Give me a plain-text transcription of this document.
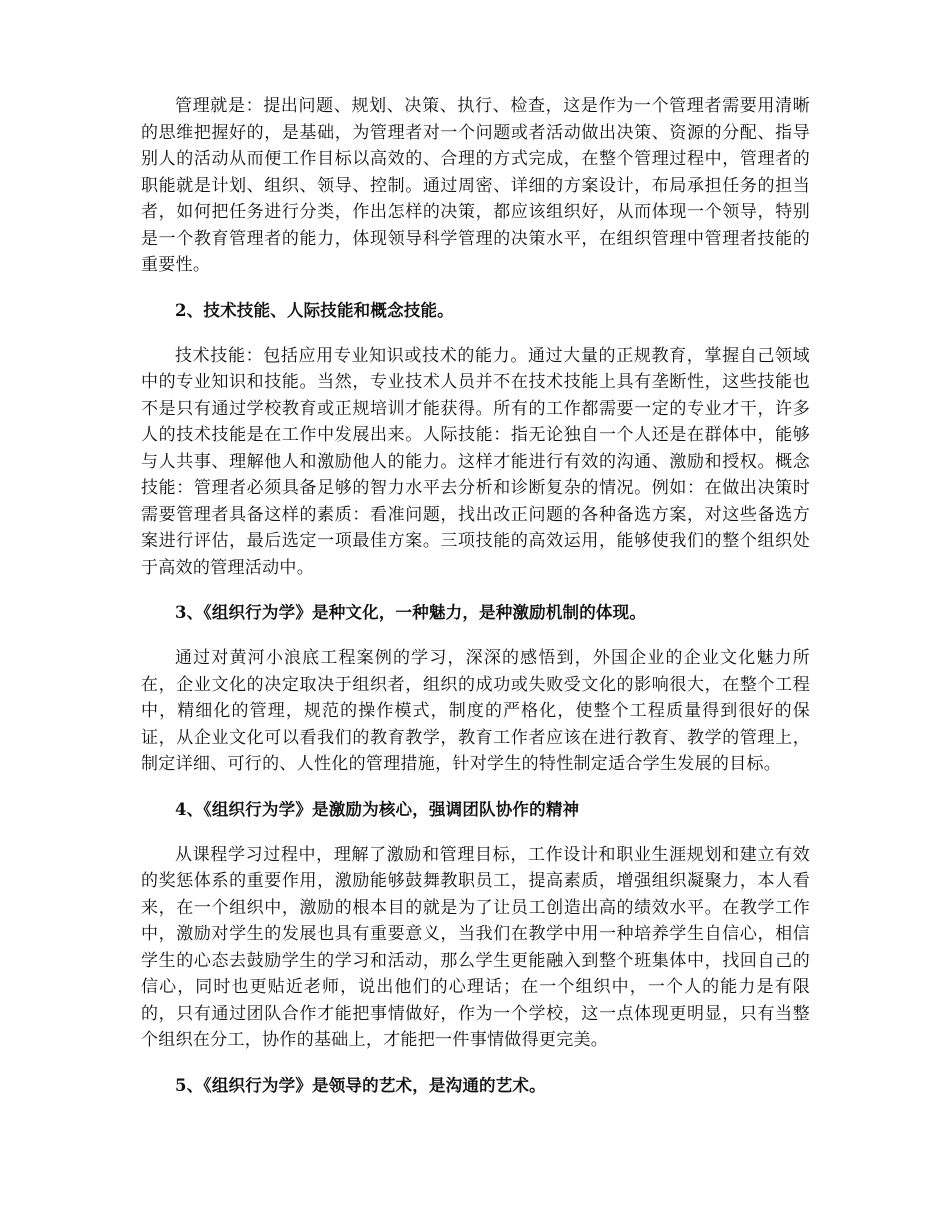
管理就是：提出问题、规划、决策、执行、检查，这是作为一个管理者需要用清晰的思维把握好的，是基础，为管理者对一个问题或者活动做出决策、资源的分配、指导别人的活动从而便工作目标以高效的、合理的方式完成，在整个管理过程中，管理者的职能就是计划、组织、领导、控制。通过周密、详细的方案设计，布局承担任务的担当者，如何把任务进行分类，作出怎样的决策，都应该组织好，从而体现一个领导，特别是一个教育管理者的能力，体现领导科学管理的决策水平，在组织管理中管理者技能的重要性。

2、技术技能、人际技能和概念技能。

技术技能：包括应用专业知识或技术的能力。通过大量的正规教育，掌握自己领域中的专业知识和技能。当然，专业技术人员并不在技术技能上具有垄断性，这些技能也不是只有通过学校教育或正规培训才能获得。所有的工作都需要一定的专业才干，许多人的技术技能是在工作中发展出来。人际技能：指无论独自一个人还是在群体中，能够与人共事、理解他人和激励他人的能力。这样才能进行有效的沟通、激励和授权。概念技能：管理者必须具备足够的智力水平去分析和诊断复杂的情况。例如：在做出决策时需要管理者具备这样的素质：看准问题，找出改正问题的各种备选方案，对这些备选方案进行评估，最后选定一项最佳方案。三项技能的高效运用，能够使我们的整个组织处于高效的管理活动中。

3、《组织行为学》是种文化，一种魅力，是种激励机制的体现。

通过对黄河小浪底工程案例的学习，深深的感悟到，外国企业的企业文化魅力所在，企业文化的决定取决于组织者，组织的成功或失败受文化的影响很大，在整个工程中，精细化的管理，规范的操作模式，制度的严格化，使整个工程质量得到很好的保证，从企业文化可以看我们的教育教学，教育工作者应该在进行教育、教学的管理上，制定详细、可行的、人性化的管理措施，针对学生的特性制定适合学生发展的目标。

4、《组织行为学》是激励为核心，强调团队协作的精神

从课程学习过程中，理解了激励和管理目标，工作设计和职业生涯规划和建立有效的奖惩体系的重要作用，激励能够鼓舞教职员工，提高素质，增强组织凝聚力，本人看来，在一个组织中，激励的根本目的就是为了让员工创造出高的绩效水平。在教学工作中，激励对学生的发展也具有重要意义，当我们在教学中用一种培养学生自信心，相信学生的心态去鼓励学生的学习和活动，那么学生更能融入到整个班集体中，找回自己的信心，同时也更贴近老师，说出他们的心理话；在一个组织中，一个人的能力是有限的，只有通过团队合作才能把事情做好，作为一个学校，这一点体现更明显，只有当整个组织在分工，协作的基础上，才能把一件事情做得更完美。

5、《组织行为学》是领导的艺术，是沟通的艺术。
